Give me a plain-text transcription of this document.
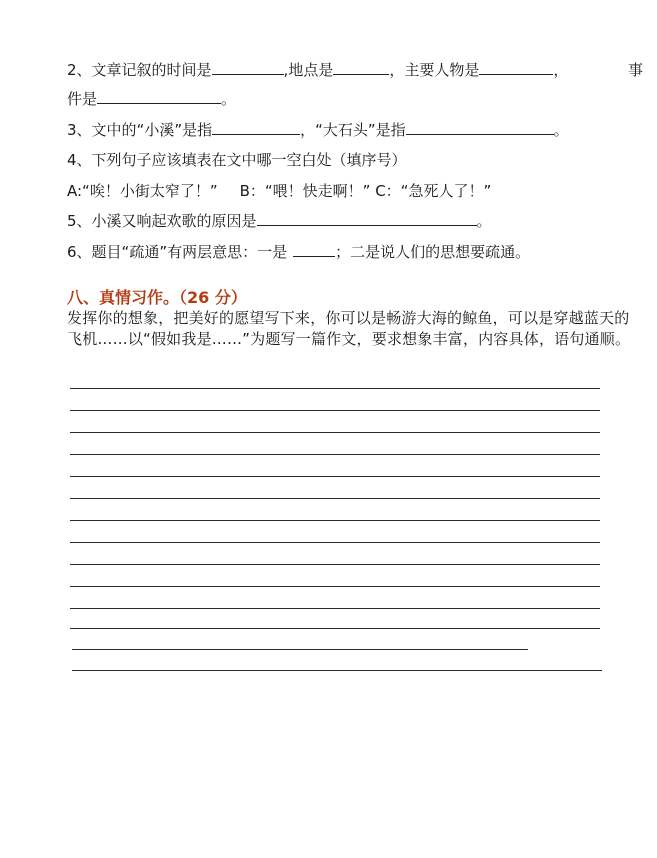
2、文章记叙的时间是	,地点是	，主要人物是	，	事
件是	。
3、文中的“小溪”是指	，“大石头”是指	。
4、下列句子应该填表在文中哪一空白处（填序号）
A:“唉！小街太窄了！” B：“喂！快走啊！” C：“急死人了！”
5、小溪又响起欢歌的原因是	。
6、题目“疏通”有两层意思：一是	；二是说人们的思想要疏通。
八、真情习作。（26 分）
发挥你的想象，把美好的愿望写下来，你可以是畅游大海的鲸鱼，可以是穿越蓝天的飞机……以“假如我是……”为题写一篇作文，要求想象丰富，内容具体，语句通顺。
